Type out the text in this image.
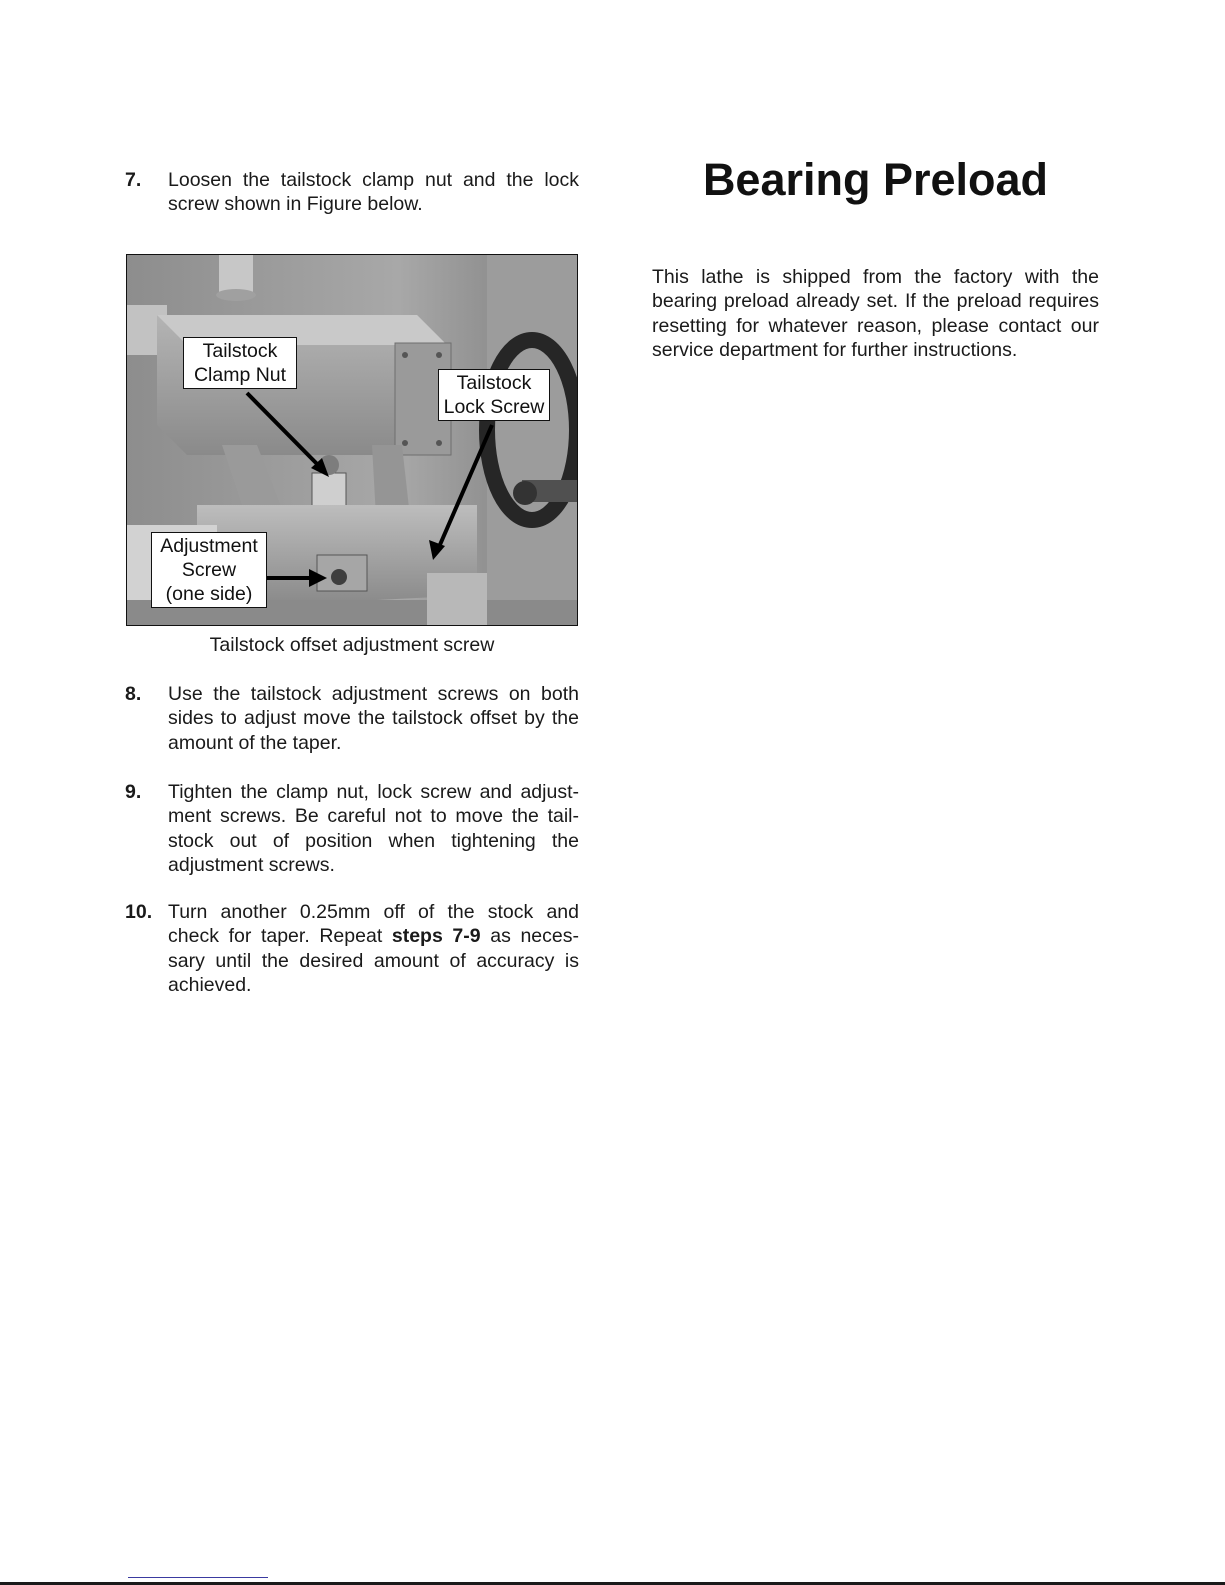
7. Loosen the tailstock clamp nut and the lock screw shown in Figure below.
Tailstock
Clamp Nut	Tailstock
Lock Screw
Adjustment
Screw
(one side)
Tailstock offset adjustment screw
8. Use the tailstock adjustment screws on both sides to adjust move the tailstock offset by the amount of the taper.
9. Tighten the clamp nut, lock screw and adjust-ment screws. Be careful not to move the tail-stock out of position when tightening the adjustment screws.
10. Turn another 0.25mm off of the stock and check for taper. Repeat steps 7-9 as neces-sary until the desired amount of accuracy is achieved.
Bearing Preload
This lathe is shipped from the factory with the bearing preload already set. If the preload requires resetting for whatever reason, please contact our service department for further instructions.
